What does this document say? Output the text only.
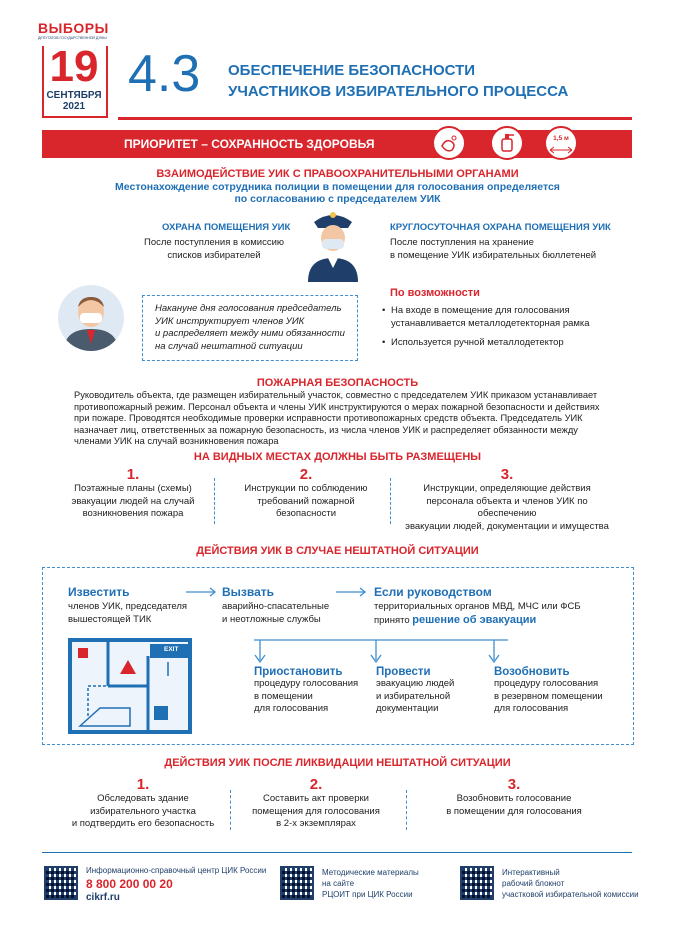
ВЫБОРЫ
ДЕПУТАТОВ ГОСУДАРСТВЕННОЙ ДУМЫ
19
СЕНТЯБРЯ
2021
4.3 ОБЕСПЕЧЕНИЕ БЕЗОПАСНОСТИ
УЧАСТНИКОВ ИЗБИРАТЕЛЬНОГО ПРОЦЕССА
ПРИОРИТЕТ – СОХРАННОСТЬ ЗДОРОВЬЯ	1,5 м
ВЗАИМОДЕЙСТВИЕ УИК С ПРАВООХРАНИТЕЛЬНЫМИ ОРГАНАМИ
Местонахождение сотрудника полиции в помещении для голосования определяется
по согласованию с председателем УИК
ОХРАНА ПОМЕЩЕНИЯ УИК
После поступления в комиссию
списков избирателей
КРУГЛОСУТОЧНАЯ ОХРАНА ПОМЕЩЕНИЯ УИК
После поступления на хранение
в помещение УИК избирательных бюллетеней
Накануне дня голосования председатель
УИК инструктирует членов УИК
и распределяет между ними обязанности
на случай нештатной ситуации
По возможности
• На входе в помещение для голосования
устанавливается металлодетекторная рамка
• Используется ручной металлодетектор
ПОЖАРНАЯ БЕЗОПАСНОСТЬ
Руководитель объекта, где размещен избирательный участок, совместно с председателем УИК приказом устанавливает
противопожарный режим. Персонал объекта и члены УИК инструктируются о мерах пожарной безопасности и действиях
при пожаре. Проводятся необходимые проверки исправности противопожарных средств объекта. Председатель УИК
назначает лиц, ответственных за пожарную безопасность, из числа членов УИК и распределяет обязанности между
членами УИК на случай возникновения пожара
НА ВИДНЫХ МЕСТАХ ДОЛЖНЫ БЫТЬ РАЗМЕЩЕНЫ
1.
Поэтажные планы (схемы)
эвакуации людей на случай
возникновения пожара
2.
Инструкции по соблюдению
требований пожарной
безопасности
3.
Инструкции, определяющие действия
персонала объекта и членов УИК по обеспечению
эвакуации людей, документации и имущества
ДЕЙСТВИЯ УИК В СЛУЧАЕ НЕШТАТНОЙ СИТУАЦИИ
Известить
членов УИК, председателя
вышестоящей ТИК
Вызвать
аварийно-спасательные
и неотложные службы
Если руководством
территориальных органов МВД, МЧС или ФСБ
принято решение об эвакуации
EXIT
Приостановить
процедуру голосования
в помещении
для голосования
Провести
эвакуацию людей
и избирательной
документации
Возобновить
процедуру голосования
в резервном помещении
для голосования
ДЕЙСТВИЯ УИК ПОСЛЕ ЛИКВИДАЦИИ НЕШТАТНОЙ СИТУАЦИИ
1.
Обследовать здание
избирательного участка
и подтвердить его безопасность
2.
Составить акт проверки
помещения для голосования
в 2-х экземплярах
3.
Возобновить голосование
в помещении для голосования
Информационно-справочный центр ЦИК России
8 800 200 00 20
cikrf.ru
Методические материалы
на сайте
РЦОИТ при ЦИК России
Интерактивный
рабочий блокнот
участковой избирательной комиссии
